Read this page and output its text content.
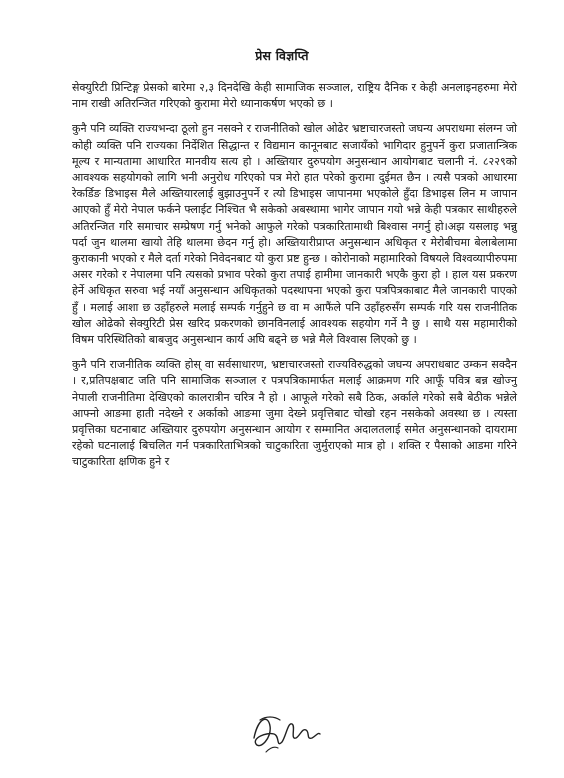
प्रेस विज्ञप्ति

सेक्युरिटी प्रिन्टिङ्ग प्रेसको बारेमा २,३ दिनदेखि केही सामाजिक सञ्जाल, राष्ट्रिय दैनिक र केही अनलाइनहरुमा मेरो नाम राखी अतिरन्जित गरिएको कुरामा मेरो ध्यानाकर्षण भएको छ ।

कुनै पनि व्यक्ति राज्यभन्दा ठूलो हुन नसक्ने र राजनीतिको खोल ओढेर भ्रष्टाचारजस्तो जघन्य अपराधमा संलग्न जो कोही व्यक्ति पनि राज्यका निर्देशित सिद्धान्त र विद्यमान कानूनबाट सजायँको भागिदार हुनुपर्ने कुरा प्रजातान्त्रिक मूल्य र मान्यतामा आधारित मानवीय सत्य हो । अख्तियार दुरुपयोग अनुसन्धान आयोगबाट चलानी नं. ८२२९को आवश्यक सहयोगको लागि भनी अनुरोध गरिएको पत्र मेरो हात परेको कुरामा दुईमत छैन । त्यसै पत्रको आधारमा रेकर्डिङ डिभाइस मैले अख्तियारलाई बुझाउनुपर्ने र त्यो डिभाइस जापानमा भएकोले हुँदा डिभाइस लिन म जापान आएको हुँ मेरो नेपाल फर्कने फ्लाईट निश्चित भै सकेको अबस्थामा भागेर जापान गयो भन्ने केही पत्रकार साथीहरुले अतिरन्जित गरि समाचार सम्प्रेषण गर्नु भनेको आफुले गरेको पत्रकारितामाथी बिश्वास नगर्नु हो।अझ यसलाइ भन्नु पर्दा जुन थालमा खायो तेहि थालमा छेदन गर्नु हो। अख्तियारीप्राप्त अनुसन्धान अधिकृत र मेरोबीचमा बेलाबेलामा कुराकानी भएको र मैले दर्ता गरेको निवेदनबाट यो कुरा प्रष्ट हुन्छ । कोरोनाको महामारिको विषयले विश्वव्यापीरुपमा असर गरेको र नेपालमा पनि त्यसको प्रभाव परेको कुरा तपाई हामीमा जानकारी भएकै कुरा हो । हाल यस प्रकरण हेर्ने अधिकृत सरुवा भई नयाँ अनुसन्धान अधिकृतको पदस्थापना भएको कुरा पत्रपित्रकाबाट मैले जानकारी पाएको हुँ । मलाई आशा छ उहाँहरुले मलाई सम्पर्क गर्नुहुने छ वा म आफैंले पनि उहाँहरुसँग सम्पर्क गरि यस राजनीतिक खोल ओढेको सेक्युरिटी प्रेस खरिद प्रकरणको छानविनलाई आवश्यक सहयोग गर्ने नै छु । साथै यस महामारीको विषम परिस्थितिको बाबजुद अनुसन्धान कार्य अघि बढ्ने छ भन्ने मैले विश्वास लिएको छु ।

कुनै पनि राजनीतिक व्यक्ति होस् वा सर्वसाधारण, भ्रष्टाचारजस्तो राज्यविरुद्धको जघन्य अपराधबाट उम्कन सक्दैन । र,प्रतिपक्षबाट जति पनि सामाजिक सञ्जाल र पत्रपत्रिकामार्फत मलाई आक्रमण गरि आफूँ पवित्र बन्न खोज्नु नेपाली राजनीतिमा देखिएको कालरात्रीन चरित्र नै हो । आफूले गरेको सबै ठिक, अर्काले गरेको सबै बेठीक भन्नेले आफ्नो आङमा हाती नदेख्ने र अर्काको आङमा जुमा देख्ने प्रवृत्तिबाट चोखो रहन नसकेको अवस्था छ । त्यस्ता प्रवृत्तिका घटनाबाट अख्तियार दुरुपयोग अनुसन्धान आयोग र सम्मानित अदालतलाई समेत अनुसन्धानको दायरामा रहेको घटनालाई बिचलित गर्न पत्रकारिताभित्रको चाटुकारिता जुर्मुराएको मात्र हो । शक्ति र पैसाको आडमा गरिने चाटुकारिता क्षणिक हुने र
